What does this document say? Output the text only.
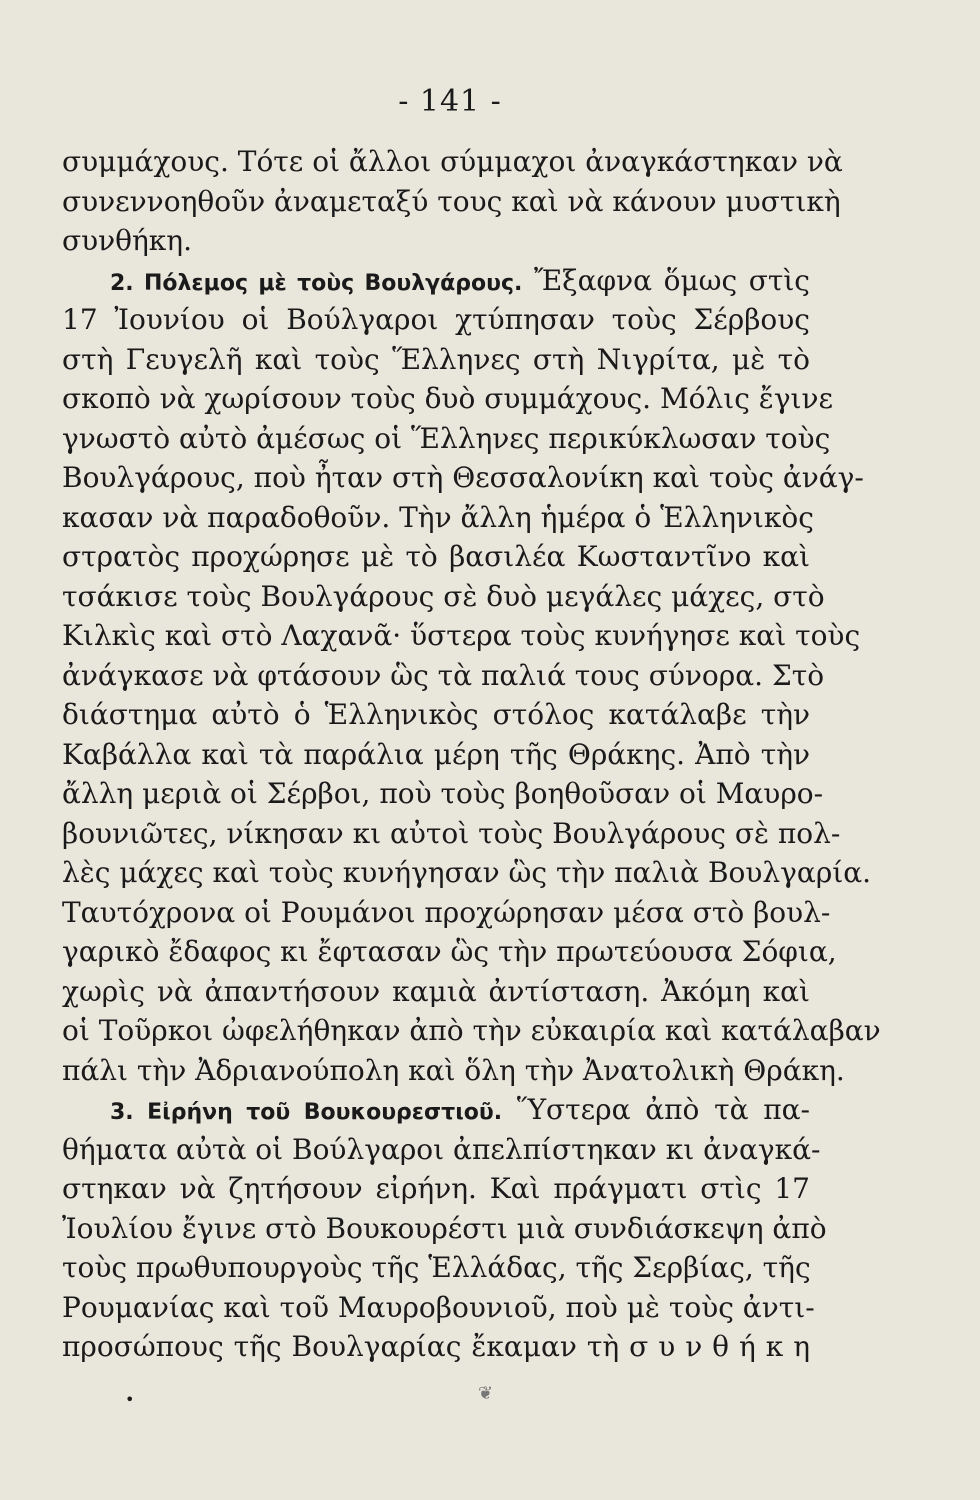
- 141 -
συμμάχους. Τότε οἱ ἄλλοι σύμμαχοι ἀναγκάστηκαν νὰ
συνεννοηθοῦν ἀναμεταξύ τους καὶ νὰ κάνουν μυστικὴ
συνθήκη.
2. Πόλεμος μὲ τοὺς Βουλγάρους. Ἔξαφνα ὅμως στὶς
17 Ἰουνίου οἱ Βούλγαροι χτύπησαν τοὺς Σέρβους
στὴ Γευγελῆ καὶ τοὺς Ἕλληνες στὴ Νιγρίτα, μὲ τὸ
σκοπὸ νὰ χωρίσουν τοὺς δυὸ συμμάχους. Μόλις ἔγινε
γνωστὸ αὐτὸ ἀμέσως οἱ Ἕλληνες περικύκλωσαν τοὺς
Βουλγάρους, ποὺ ἦταν στὴ Θεσσαλονίκη καὶ τοὺς ἀνάγ-
κασαν νὰ παραδοθοῦν. Τὴν ἄλλη ἡμέρα ὁ Ἑλληνικὸς
στρατὸς προχώρησε μὲ τὸ βασιλέα Κωσταντῖνο καὶ
τσάκισε τοὺς Βουλγάρους σὲ δυὸ μεγάλες μάχες, στὸ
Κιλκὶς καὶ στὸ Λαχανᾶ· ὕστερα τοὺς κυνήγησε καὶ τοὺς
ἀνάγκασε νὰ φτάσουν ὣς τὰ παλιά τους σύνορα. Στὸ
διάστημα αὐτὸ ὁ Ἑλληνικὸς στόλος κατάλαβε τὴν
Καβάλλα καὶ τὰ παράλια μέρη τῆς Θράκης. Ἀπὸ τὴν
ἄλλη μεριὰ οἱ Σέρβοι, ποὺ τοὺς βοηθοῦσαν οἱ Μαυρο-
βουνιῶτες, νίκησαν κι αὐτοὶ τοὺς Βουλγάρους σὲ πολ-
λὲς μάχες καὶ τοὺς κυνήγησαν ὣς τὴν παλιὰ Βουλγαρία.
Ταυτόχρονα οἱ Ρουμάνοι προχώρησαν μέσα στὸ βουλ-
γαρικὸ ἔδαφος κι ἔφτασαν ὣς τὴν πρωτεύουσα Σόφια,
χωρὶς νὰ ἀπαντήσουν καμιὰ ἀντίσταση. Ἀκόμη καὶ
οἱ Τοῦρκοι ὠφελήθηκαν ἀπὸ τὴν εὐκαιρία καὶ κατάλαβαν
πάλι τὴν Ἀδριανούπολη καὶ ὅλη τὴν Ἀνατολικὴ Θράκη.
3. Εἰρήνη τοῦ Βουκουρεστιοῦ. Ὕστερα ἀπὸ τὰ πα-
θήματα αὐτὰ οἱ Βούλγαροι ἀπελπίστηκαν κι ἀναγκά-
στηκαν νὰ ζητήσουν εἰρήνη. Καὶ πράγματι στὶς 17
Ἰουλίου ἔγινε στὸ Βουκουρέστι μιὰ συνδιάσκεψη ἀπὸ
τοὺς πρωθυπουργοὺς τῆς Ἑλλάδας, τῆς Σερβίας, τῆς
Ρουμανίας καὶ τοῦ Μαυροβουνιοῦ, ποὺ μὲ τοὺς ἀντι-
προσώπους τῆς Βουλγαρίας ἔκαμαν τὴ σ υ ν θ ή κ η
•	❦
